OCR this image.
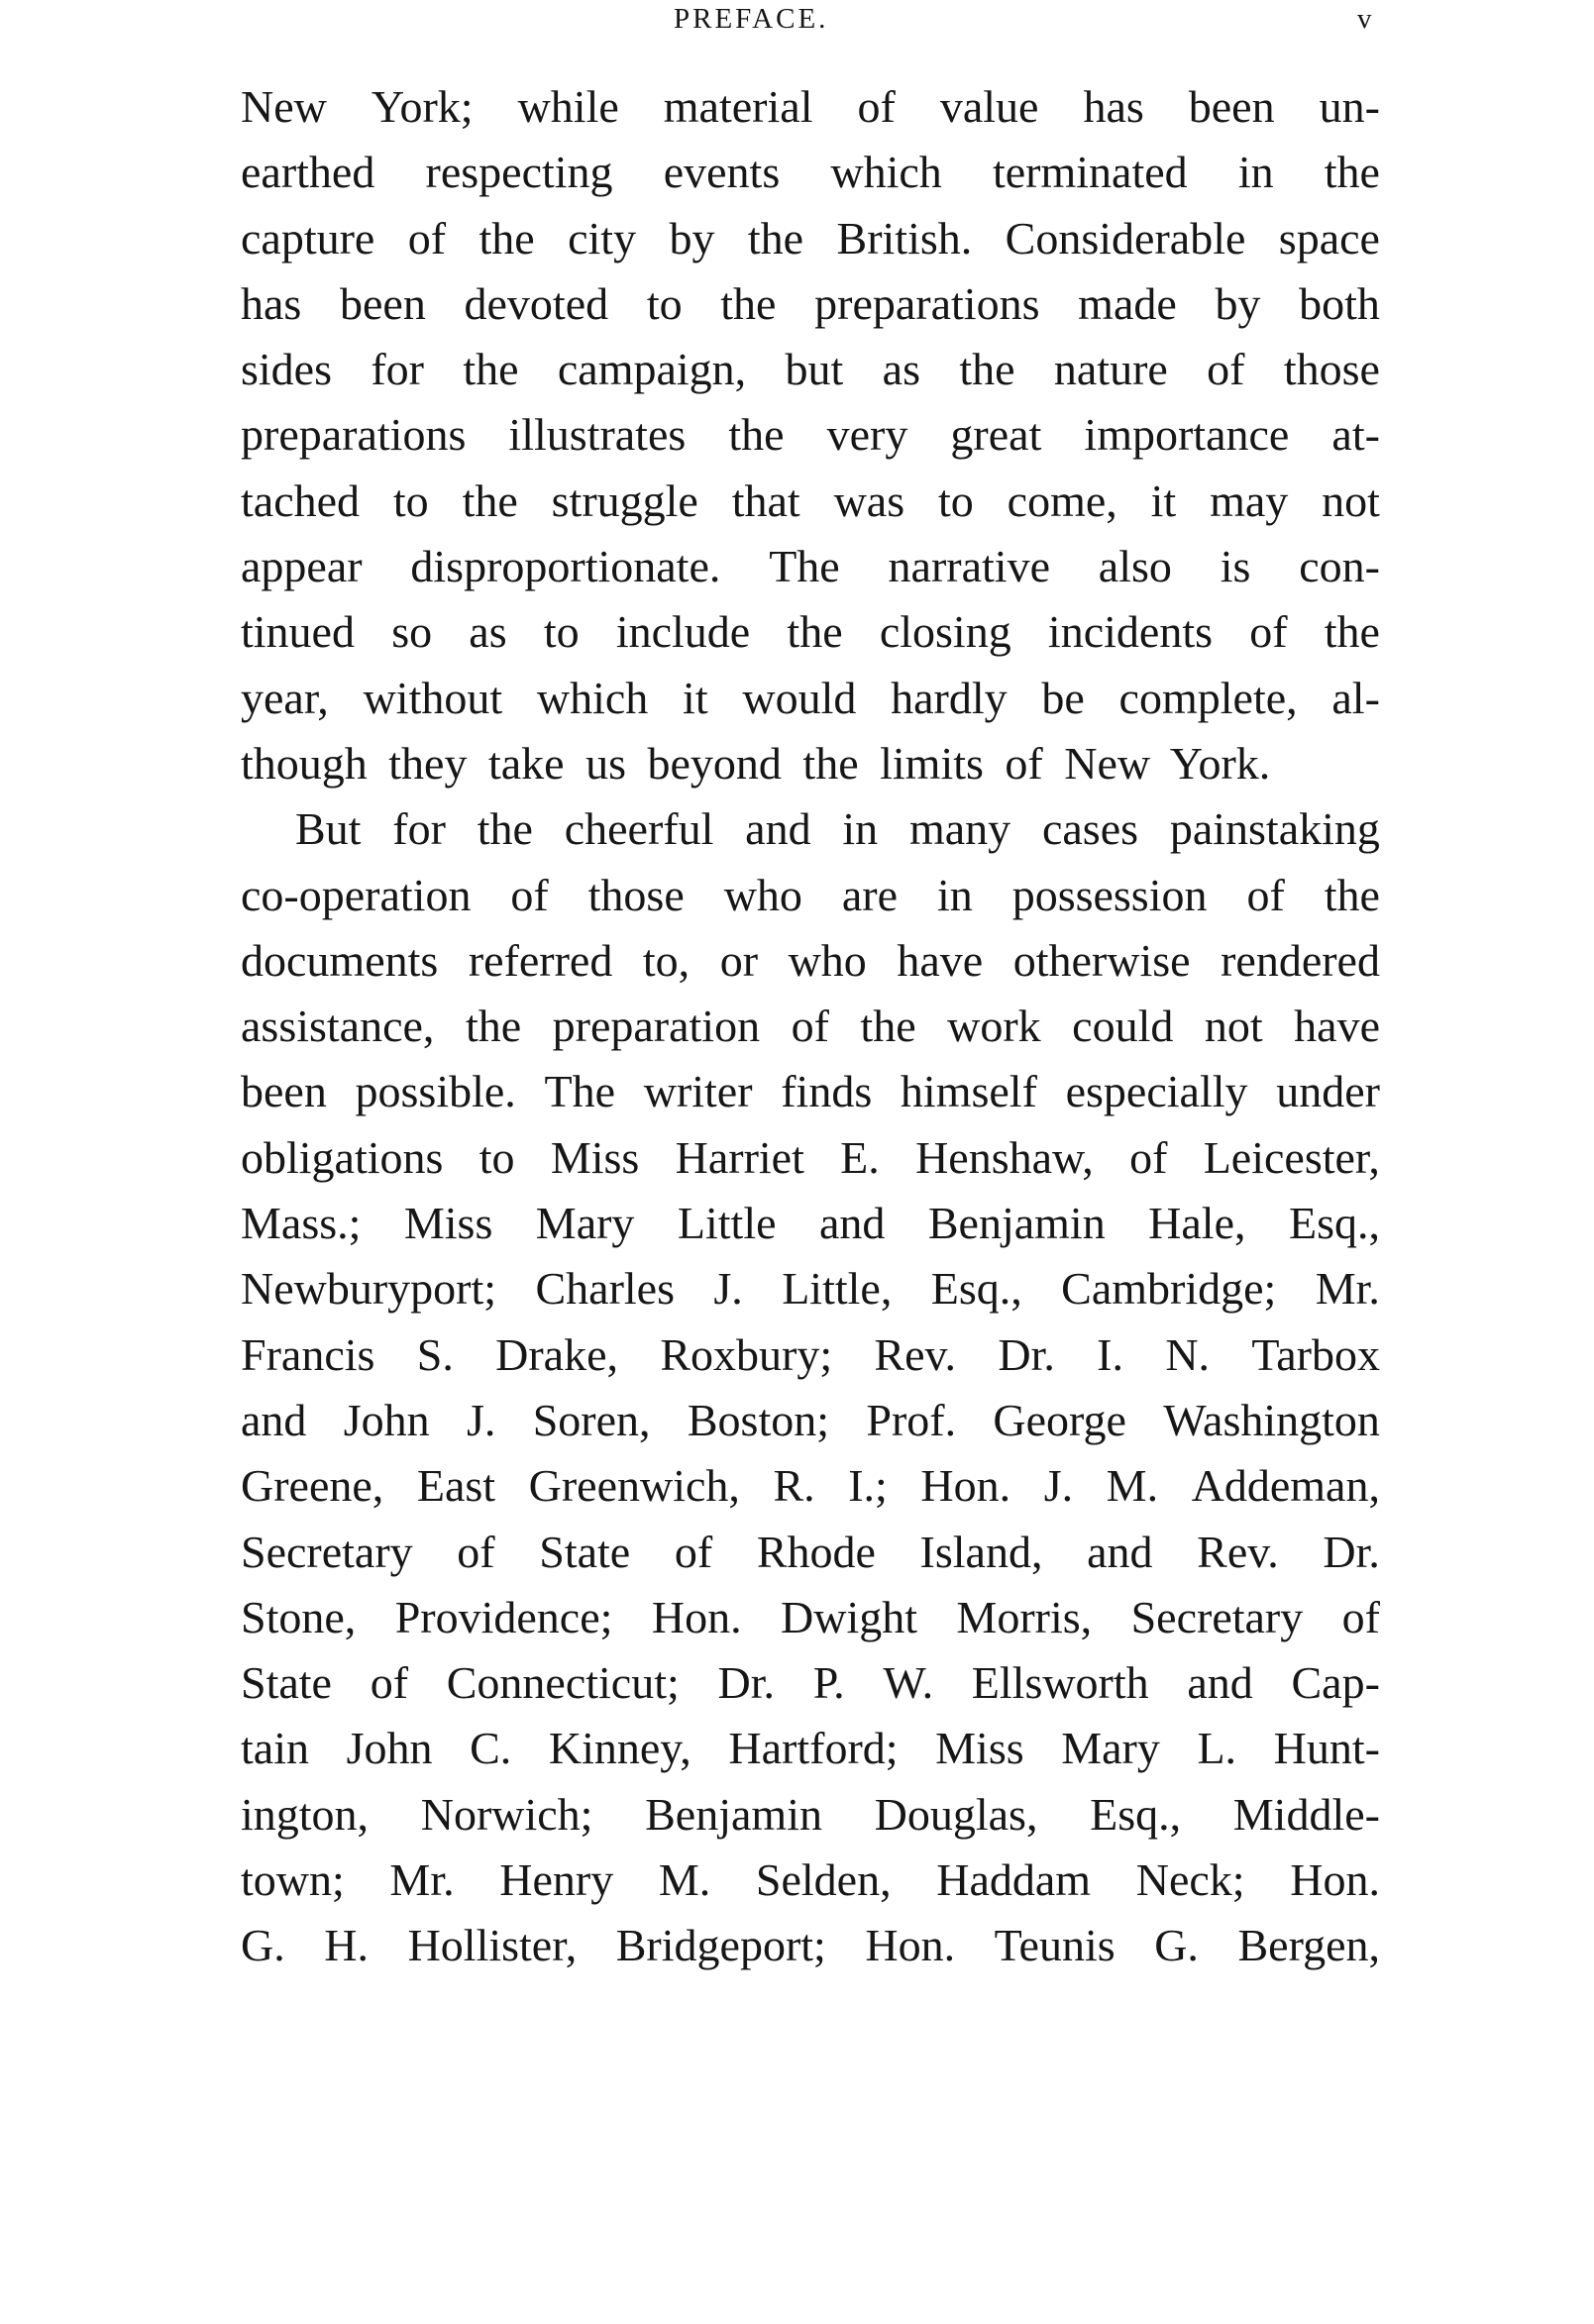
PREFACE.	v
New York; while material of value has been un-
earthed respecting events which terminated in the
capture of the city by the British. Considerable space
has been devoted to the preparations made by both
sides for the campaign, but as the nature of those
preparations illustrates the very great importance at-
tached to the struggle that was to come, it may not
appear disproportionate. The narrative also is con-
tinued so as to include the closing incidents of the
year, without which it would hardly be complete, al-
though they take us beyond the limits of New York.
But for the cheerful and in many cases painstaking
co-operation of those who are in possession of the
documents referred to, or who have otherwise rendered
assistance, the preparation of the work could not have
been possible. The writer finds himself especially under
obligations to Miss Harriet E. Henshaw, of Leicester,
Mass.; Miss Mary Little and Benjamin Hale, Esq.,
Newburyport; Charles J. Little, Esq., Cambridge; Mr.
Francis S. Drake, Roxbury; Rev. Dr. I. N. Tarbox
and John J. Soren, Boston; Prof. George Washington
Greene, East Greenwich, R. I.; Hon. J. M. Addeman,
Secretary of State of Rhode Island, and Rev. Dr.
Stone, Providence; Hon. Dwight Morris, Secretary of
State of Connecticut; Dr. P. W. Ellsworth and Cap-
tain John C. Kinney, Hartford; Miss Mary L. Hunt-
ington, Norwich; Benjamin Douglas, Esq., Middle-
town; Mr. Henry M. Selden, Haddam Neck; Hon.
G. H. Hollister, Bridgeport; Hon. Teunis G. Bergen,
